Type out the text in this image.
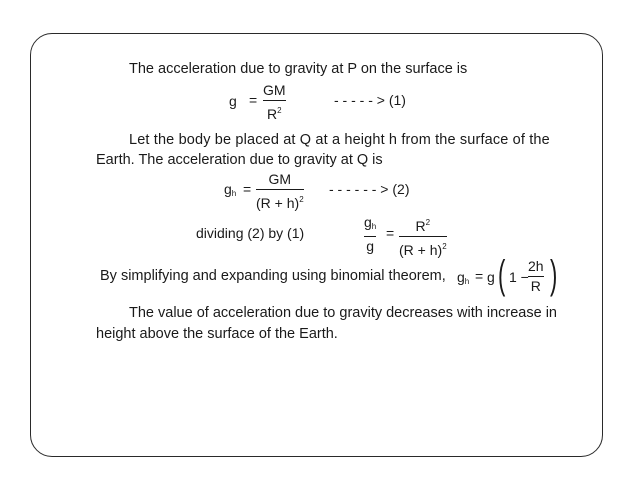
The acceleration due to gravity at P on the surface is
g =
GM
$R^2$
- - - - - > (1)
Let the body be placed at Q at a height h from the surface of the
Earth. The acceleration due to gravity at Q is
$g_h$ =
GM
$(R + h)^2$
- - - - - - > (2)
dividing (2) by (1)
$g_h$
g
= $R^2$
$(R + h)^2$
By simplifying and expanding using binomial theorem, $g_h = g$ ( 1 −
2h
R )
The value of acceleration due to gravity decreases with increase in
height above the surface of the Earth.
